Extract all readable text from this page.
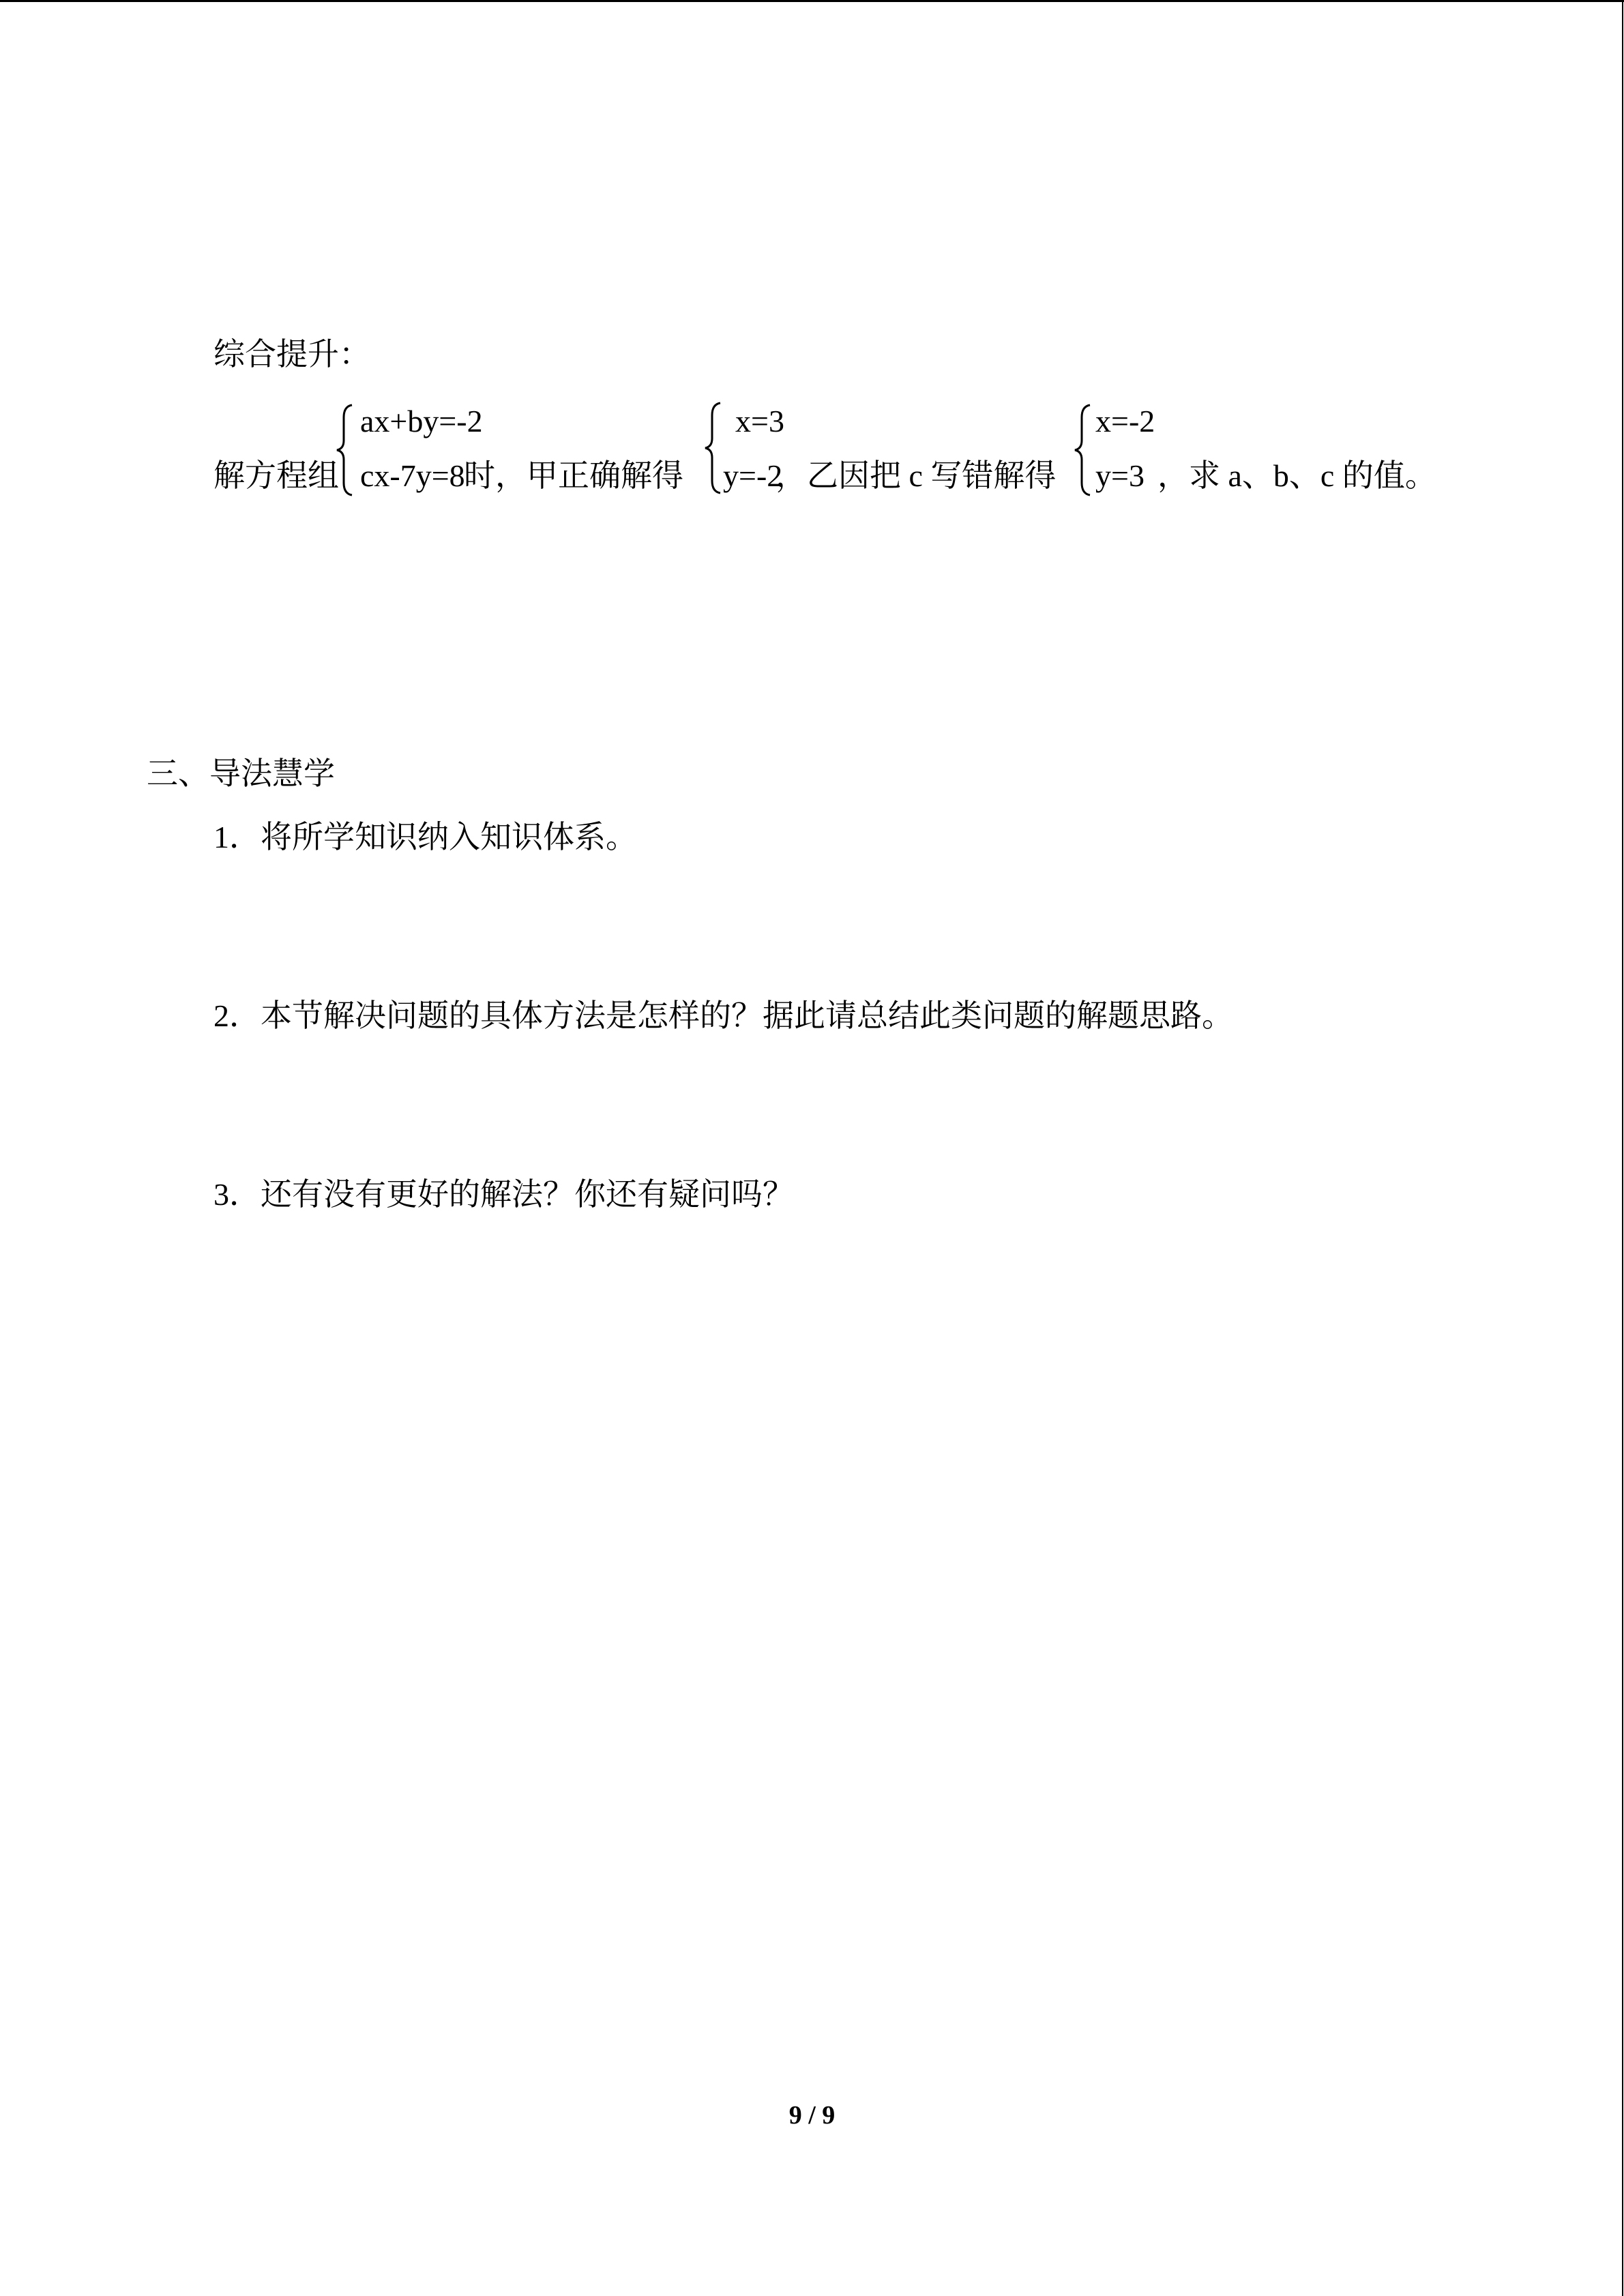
综合提升：
解方程组
ax+by=-2
cx-7y=8
时，甲正确解得
x=3
y=-2
，乙因把 c 写错解得
x=-2
y=3 ，求 a、b、c 的值。
三、导法慧学
1．将所学知识纳入知识体系。
2．本节解决问题的具体方法是怎样的？据此请总结此类问题的解题思路。
3．还有没有更好的解法？你还有疑问吗？
9 / 9
